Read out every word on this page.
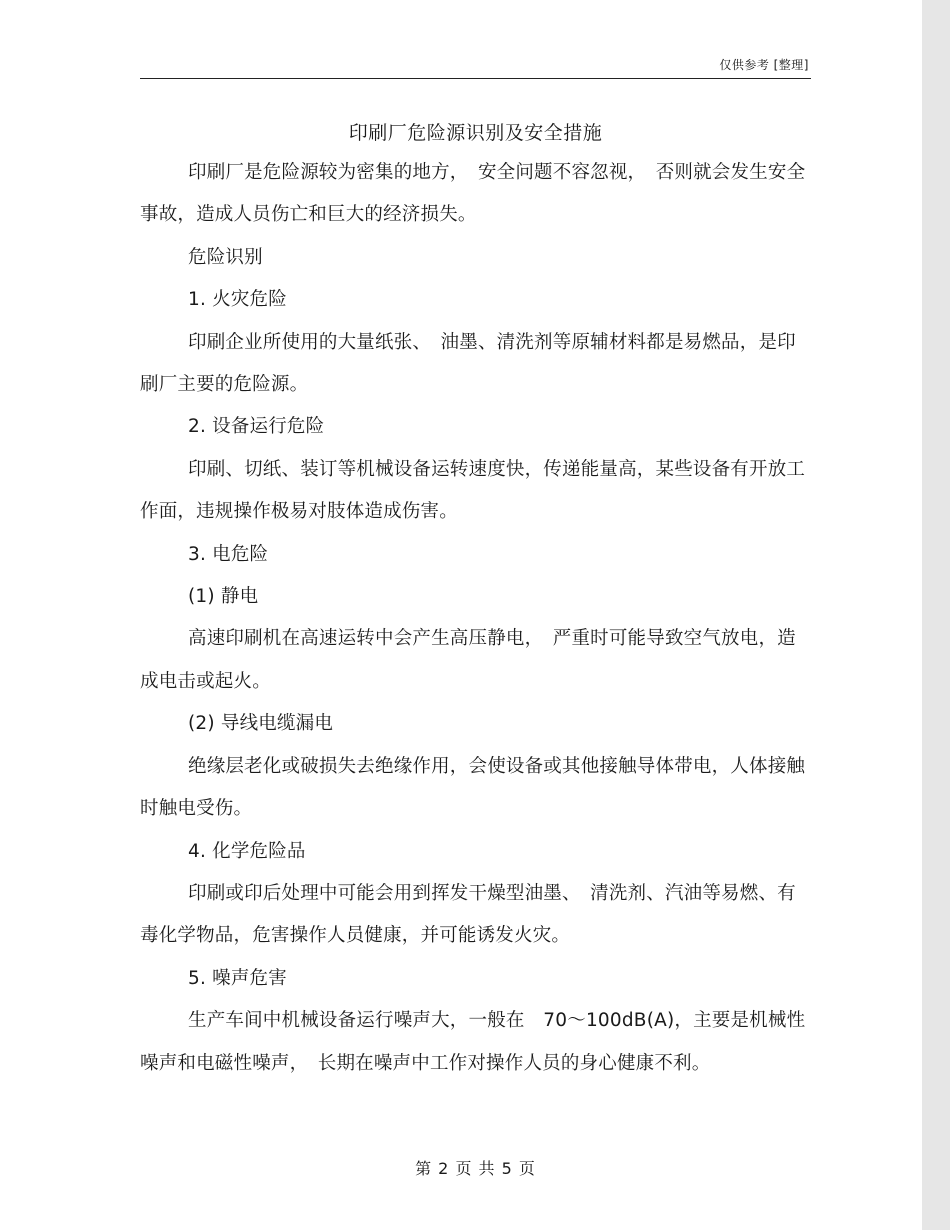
仅供参考 [整理]
印刷厂危险源识别及安全措施

印刷厂是危险源较为密集的地方，　安全问题不容忽视，　否则就会发生安全事故，造成人员伤亡和巨大的经济损失。

危险识别

1. 火灾危险

印刷企业所使用的大量纸张、　油墨、清洗剂等原辅材料都是易燃品，是印刷厂主要的危险源。

2. 设备运行危险

印刷、切纸、装订等机械设备运转速度快，传递能量高，某些设备有开放工作面，违规操作极易对肢体造成伤害。

3. 电危险

(1) 静电

高速印刷机在高速运转中会产生高压静电，　严重时可能导致空气放电，造成电击或起火。

(2) 导线电缆漏电

绝缘层老化或破损失去绝缘作用，会使设备或其他接触导体带电，人体接触时触电受伤。

4. 化学危险品

印刷或印后处理中可能会用到挥发干燥型油墨、　清洗剂、汽油等易燃、有毒化学物品，危害操作人员健康，并可能诱发火灾。

5. 噪声危害

生产车间中机械设备运行噪声大，一般在　70～100dB(A)，主要是机械性噪声和电磁性噪声，　长期在噪声中工作对操作人员的身心健康不利。

第 2 页 共 5 页
